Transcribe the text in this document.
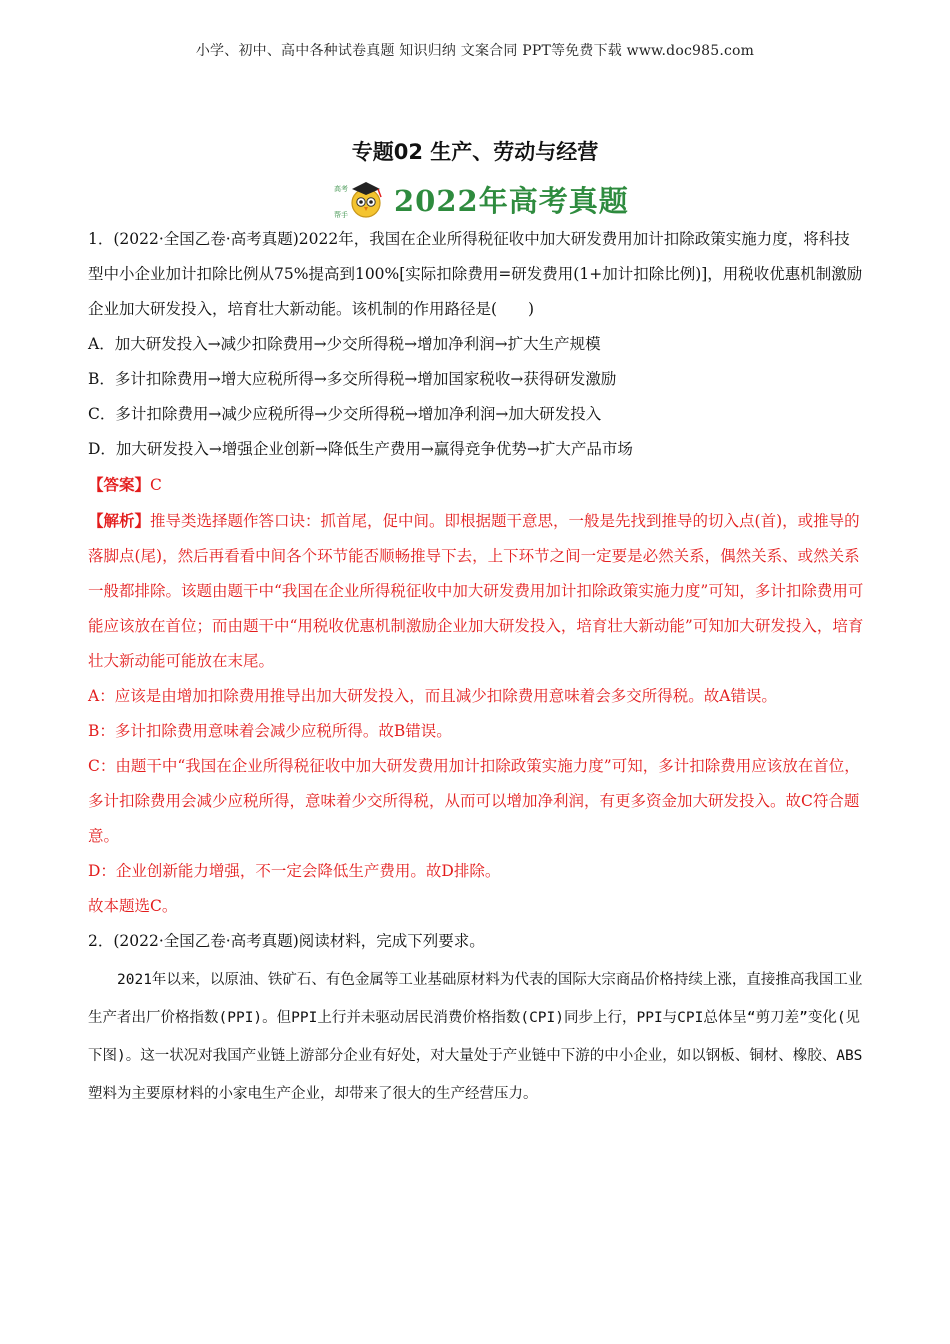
小学、初中、高中各种试卷真题 知识归纳 文案合同 PPT等免费下载 www.doc985.com
专题02 生产、劳动与经营
高考
帮手 2022年高考真题

1．(2022·全国乙卷·高考真题)2022年，我国在企业所得税征收中加大研发费用加计扣除政策实施力度，将科技型中小企业加计扣除比例从75%提高到100%[实际扣除费用=研发费用(1+加计扣除比例)]，用税收优惠机制激励企业加大研发投入，培育壮大新动能。该机制的作用路径是(　　)

A．加大研发投入→减少扣除费用→少交所得税→增加净利润→扩大生产规模

B．多计扣除费用→增大应税所得→多交所得税→增加国家税收→获得研发激励

C．多计扣除费用→减少应税所得→少交所得税→增加净利润→加大研发投入

D．加大研发投入→增强企业创新→降低生产费用→赢得竞争优势→扩大产品市场

【答案】C

【解析】推导类选择题作答口诀：抓首尾，促中间。即根据题干意思，一般是先找到推导的切入点(首)，或推导的落脚点(尾)，然后再看看中间各个环节能否顺畅推导下去，上下环节之间一定要是必然关系，偶然关系、或然关系一般都排除。该题由题干中“我国在企业所得税征收中加大研发费用加计扣除政策实施力度”可知，多计扣除费用可能应该放在首位；而由题干中“用税收优惠机制激励企业加大研发投入，培育壮大新动能”可知加大研发投入，培育壮大新动能可能放在末尾。

A：应该是由增加扣除费用推导出加大研发投入，而且减少扣除费用意味着会多交所得税。故A错误。

B：多计扣除费用意味着会减少应税所得。故B错误。

C：由题干中“我国在企业所得税征收中加大研发费用加计扣除政策实施力度”可知，多计扣除费用应该放在首位，多计扣除费用会减少应税所得，意味着少交所得税，从而可以增加净利润，有更多资金加大研发投入。故C符合题意。

D：企业创新能力增强，不一定会降低生产费用。故D排除。

故本题选C。

2．(2022·全国乙卷·高考真题)阅读材料，完成下列要求。

2021年以来，以原油、铁矿石、有色金属等工业基础原材料为代表的国际大宗商品价格持续上涨，直接推高我国工业生产者出厂价格指数(PPI)。但PPI上行并未驱动居民消费价格指数(CPI)同步上行，PPI与CPI总体呈“剪刀差”变化(见下图)。这一状况对我国产业链上游部分企业有好处，对大量处于产业链中下游的中小企业，如以钢板、铜材、橡胶、ABS塑料为主要原材料的小家电生产企业，却带来了很大的生产经营压力。
